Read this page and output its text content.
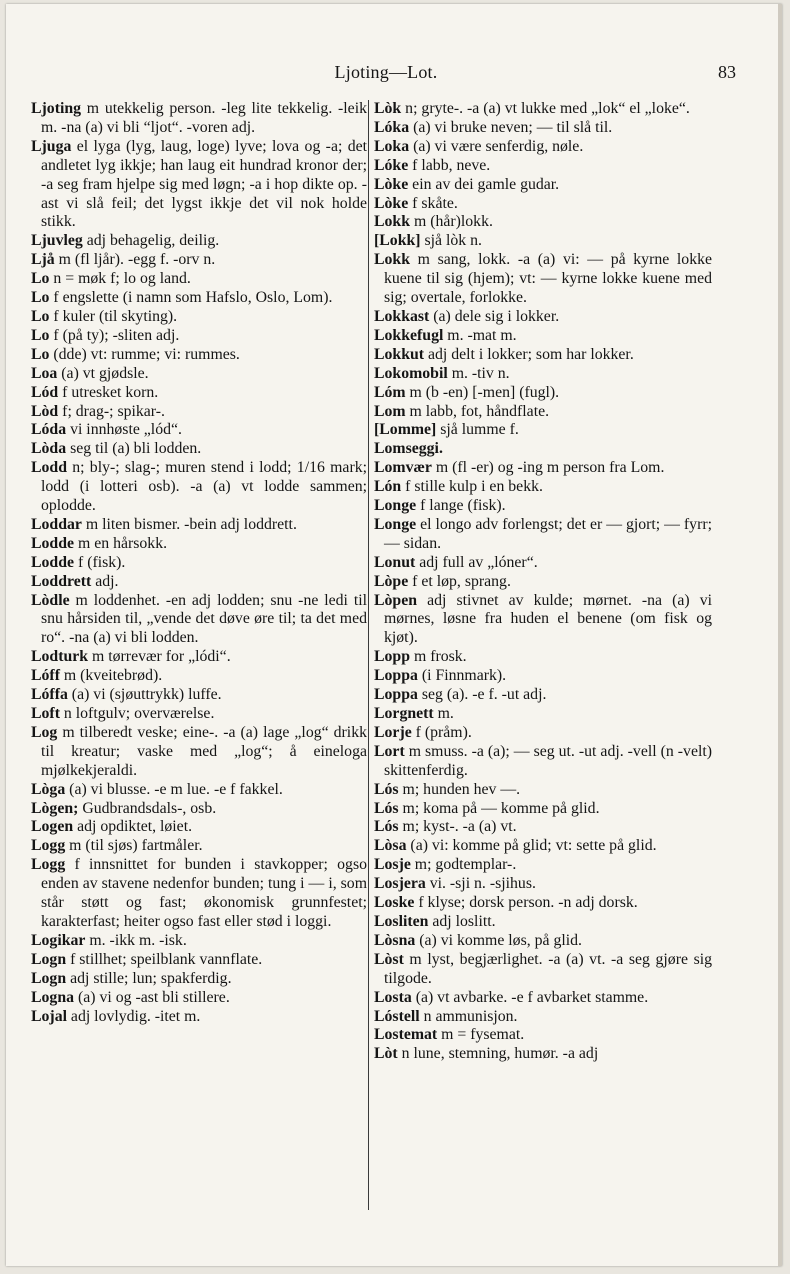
Ljoting—Lot.	83

Ljoting m utekkelig person. -leg lite tekkelig. -leik m. -na (a) vi bli “ljot“. -voren adj.

Ljuga el lyga (lyg, laug, loge) lyve; lova og -a; det andletet lyg ikkje; han laug eit hundrad kronor der; -a seg fram hjelpe sig med løgn; -a i hop dikte op. -ast vi slå feil; det lygst ikkje det vil nok holde stikk.

Ljuvleg adj behagelig, deilig.

Ljå m (fl ljår). -egg f. -orv n.

Lo n = møk f; lo og land.

Lo f engslette (i namn som Hafslo, Oslo, Lom).

Lo f kuler (til skyting).

Lo f (på ty); -sliten adj.

Lo (dde) vt: rumme; vi: rummes.

Loa (a) vt gjødsle.

Lód f utresket korn.

Lòd f; drag-; spikar-.

Lóda vi innhøste „lód“.

Lòda seg til (a) bli lodden.

Lodd n; bly-; slag-; muren stend i lodd; 1/16 mark; lodd (i lotteri osb). -a (a) vt lodde sammen; oplodde.

Loddar m liten bismer. -bein adj loddrett.

Lodde m en hårsokk.

Lodde f (fisk).

Loddrett adj.

Lòdle m loddenhet. -en adj lodden; snu -ne ledi til snu hårsiden til, „vende det døve øre til; ta det med ro“. -na (a) vi bli lodden.

Lodturk m tørrevær for „lódi“.

Lóff m (kveitebrød).

Lóffa (a) vi (sjøuttrykk) luffe.

Loft n loftgulv; overværelse.

Log m tilberedt veske; eine-. -a (a) lage „log“ drikk til kreatur; vaske med „log“; å eineloga mjølkekjeraldi.

Lòga (a) vi blusse. -e m lue. -e f fakkel.

Lògen; Gudbrandsdals-, osb.

Logen adj opdiktet, løiet.

Logg m (til sjøs) fartmåler.

Logg f innsnittet for bunden i stavkopper; ogso enden av stavene nedenfor bunden; tung i — i, som står støtt og fast; økonomisk grunnfestet; karakterfast; heiter ogso fast eller stød i loggi.

Logikar m. -ikk m. -isk.

Logn f stillhet; speilblank vannflate.

Logn adj stille; lun; spakferdig.

Logna (a) vi og -ast bli stillere.

Lojal adj lovlydig. -itet m.

Lòk n; gryte-. -a (a) vt lukke med „lok“ el „loke“.

Lóka (a) vi bruke neven; — til slå til.

Loka (a) vi være senferdig, nøle.

Lóke f labb, neve.

Lòke ein av dei gamle gudar.

Lòke f skåte.

Lokk m (hår)lokk.

[Lokk] sjå lòk n.

Lokk m sang, lokk. -a (a) vi: — på kyrne lokke kuene til sig (hjem); vt: — kyrne lokke kuene med sig; overtale, forlokke.

Lokkast (a) dele sig i lokker.

Lokkefugl m. -mat m.

Lokkut adj delt i lokker; som har lokker.

Lokomobil m. -tiv n.

Lóm m (b -en) [-men] (fugl).

Lom m labb, fot, håndflate.

[Lomme] sjå lumme f.

Lomseggi.

Lomvær m (fl -er) og -ing m person fra Lom.

Lón f stille kulp i en bekk.

Longe f lange (fisk).

Longe el longo adv forlengst; det er — gjort; — fyrr; — sidan.

Lonut adj full av „lóner“.

Lòpe f et løp, sprang.

Lòpen adj stivnet av kulde; mørnet. -na (a) vi mørnes, løsne fra huden el benene (om fisk og kjøt).

Lopp m frosk.

Loppa (i Finnmark).

Loppa seg (a). -e f. -ut adj.

Lorgnett m.

Lorje f (pråm).

Lort m smuss. -a (a); — seg ut. -ut adj. -vell (n -velt) skittenferdig.

Lós m; hunden hev —.

Lós m; koma på — komme på glid.

Lós m; kyst-. -a (a) vt.

Lòsa (a) vi: komme på glid; vt: sette på glid.

Losje m; godtemplar-.

Losjera vi. -sji n. -sjihus.

Loske f klyse; dorsk person. -n adj dorsk.

Losliten adj loslitt.

Lòsna (a) vi komme løs, på glid.

Lòst m lyst, begjærlighet. -a (a) vt. -a seg gjøre sig tilgode.

Losta (a) vt avbarke. -e f avbarket stamme.

Lóstell n ammunisjon.

Lostemat m = fysemat.

Lòt n lune, stemning, humør. -a adj
